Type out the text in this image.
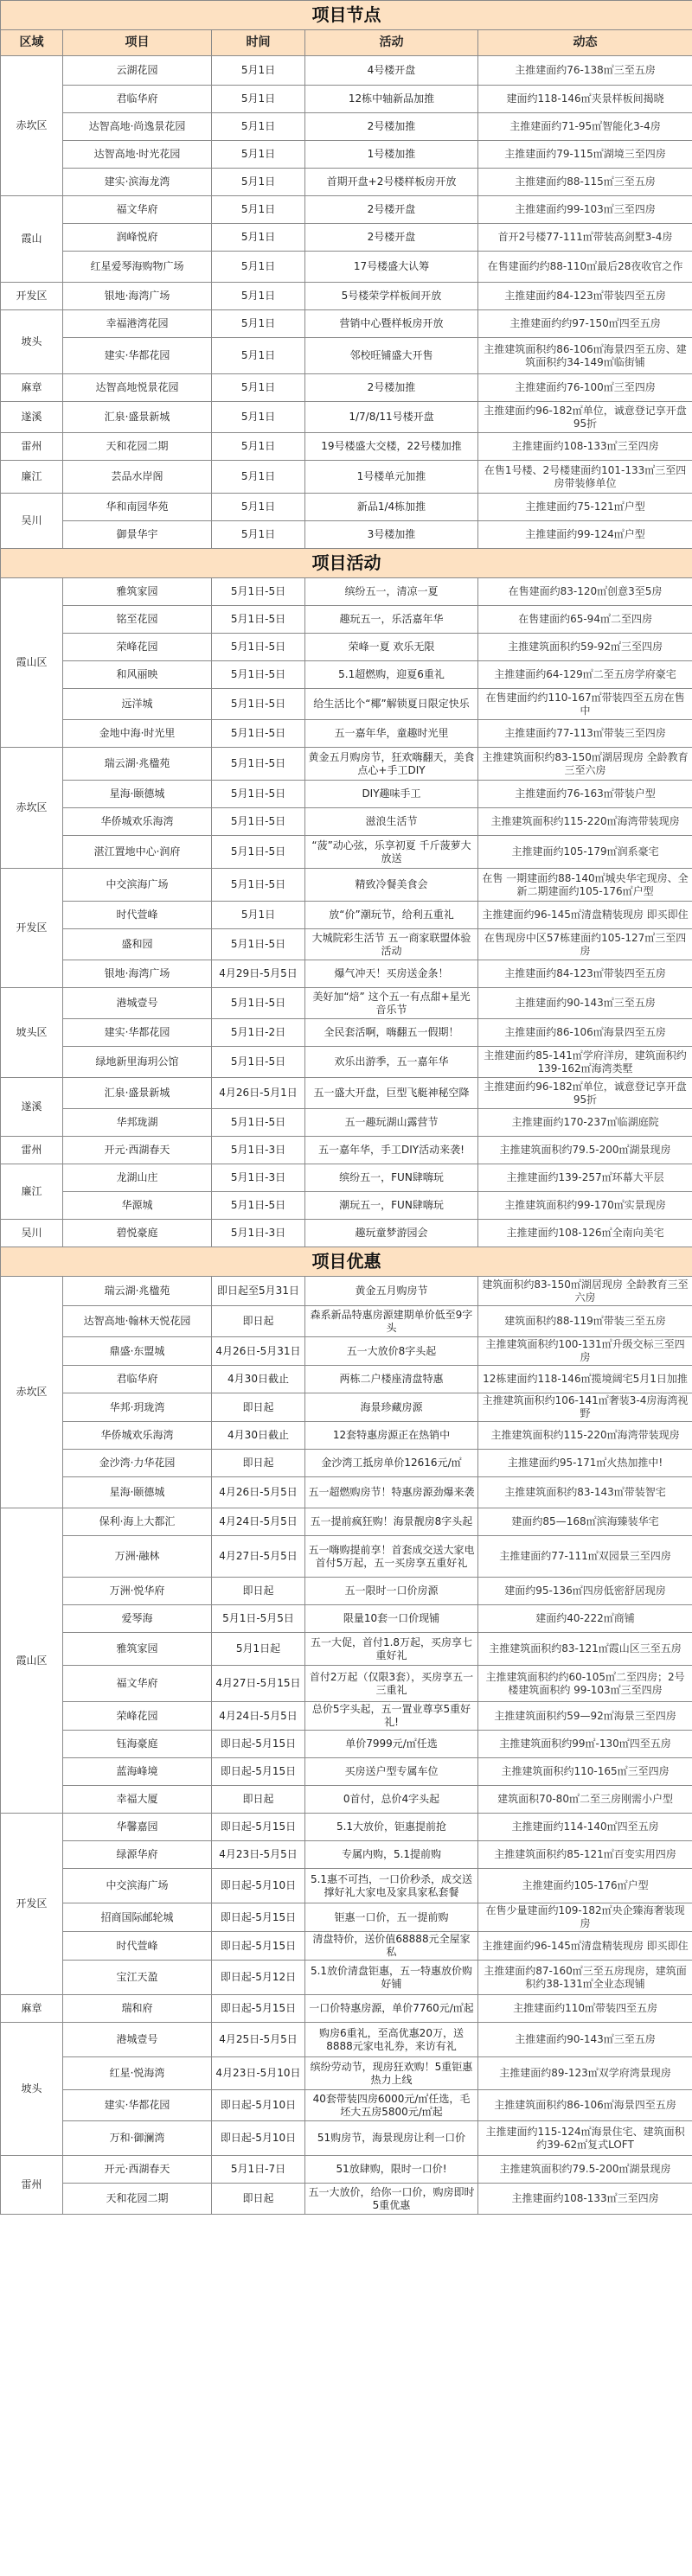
项目节点				
区域	项目	时间	活动	动态
赤坎区	云湖花园	5月1日	4号楼开盘	主推建面约76-138㎡三至五房
	君临华府	5月1日	12栋中轴新品加推	建面约118-146㎡夹景样板间揭晓
	达智高地·尚逸景花园	5月1日	2号楼加推	主推建面约71-95㎡智能化3-4房
	达智高地·时光花园	5月1日	1号楼加推	主推建面约79-115㎡湖境三至四房
	建实·滨海龙湾	5月1日	首期开盘+2号楼样板房开放	主推建面约88-115㎡三至五房
霞山	福文华府	5月1日	2号楼开盘	主推建面约99-103㎡三至四房
	润峰悦府	5月1日	2号楼开盘	首开2号楼77-111㎡带装高剑墅3-4房
	红星爱琴海购物广场	5月1日	17号楼盛大认筹	在售建面约约88-110㎡最后28夜收官之作
开发区	银地·海湾广场	5月1日	5号楼荣学样板间开放	主推建面约84-123㎡带装四至五房
坡头	幸福港湾花园	5月1日	营销中心暨样板房开放	主推建面约约97-150㎡四至五房
	建实·华都花园	5月1日	邻校旺铺盛大开售	主推建筑面积约86-106㎡海景四至五房、建筑面积约34-149㎡临街铺
麻章	达智高地悦景花园	5月1日	2号楼加推	主推建面约76-100㎡三至四房
遂溪	汇泉·盛景新城	5月1日	1/7/8/11号楼开盘	主推建面约96-182㎡单位，诚意登记享开盘95折
雷州	天和花园二期	5月1日	19号楼盛大交楼，22号楼加推	主推建面约108-133㎡三至四房
廉江	芸品水岸阁	5月1日	1号楼单元加推	在售1号楼、2号楼建面约101-133㎡三至四房带装修单位
吴川	华和南园华苑	5月1日	新品1/4栋加推	主推建面约75-121㎡户型
	御景华宇	5月1日	3号楼加推	主推建面约99-124㎡户型
项目活动				
霞山区	雅筑家园	5月1日-5日	缤纷五一，清凉一夏	在售建面约83-120㎡创意3至5房
	铭至花园	5月1日-5日	趣玩五一，乐活嘉年华	在售建面约65-94㎡二至四房
	荣峰花园	5月1日-5日	荣峰一夏 欢乐无限	主推建筑面积约59-92㎡三至四房
	和风丽映	5月1日-5日	5.1超燃购，迎夏6重礼	主推建面约64-129㎡二至五房学府豪宅
	远洋城	5月1日-5日	给生活比个“椰”解锁夏日限定快乐	在售建面约约110-167㎡带装四至五房在售中
	金地中海·时光里	5月1日-5日	五一嘉年华，童趣时光里	主推建面约77-113㎡带装三至四房
赤坎区	瑞云湖·兆楹苑	5月1日-5日	黄金五月购房节，狂欢嗨翻天，美食点心+手工DIY	主推建筑面积约83-150㎡湖居现房 全龄教育三至六房
	星海·颐德城	5月1日-5日	DIY趣味手工	主推建面约76-163㎡带装户型
	华侨城欢乐海湾	5月1日-5日	滋浪生活节	主推建筑面积约115-220㎡海湾带装现房
	湛江置地中心·润府	5月1日-5日	“菠”动心弦，乐享初夏 千斤菠萝大放送	主推建面约105-179㎡润系豪宅
开发区	中交滨海广场	5月1日-5日	精致冷餐美食会	在售 一期建面约88-140㎡城央华宅现房、全新二期建面约105-176㎡户型
	时代萱峰	5月1日	放“价”潮玩节，给利五重礼	主推建面约96-145㎡清盘精装现房 即买即住
	盛和园	5月1日-5日	大城院彩生活节 五一商家联盟体验活动	在售现房中区57栋建面约105-127㎡三至四房
	银地·海湾广场	4月29日-5月5日	爆气冲天！买房送金条！	主推建面约84-123㎡带装四至五房
坡头区	港城壹号	5月1日-5日	美好加“焙” 这个五一有点甜+星光音乐节	主推建面约90-143㎡三至五房
	建实·华都花园	5月1日-2日	全民套活啊，嗨翻五一假期！	主推建面约86-106㎡海景四至五房
	绿地新里海玥公馆	5月1日-5日	欢乐出游季，五一嘉年华	主推建面约85-141㎡学府洋房，建筑面积约139-162㎡海湾类墅
遂溪	汇泉·盛景新城	4月26日-5月1日	五一盛大开盘，巨型飞艇神秘空降	主推建面约96-182㎡单位，诚意登记享开盘95折
	华邦珑湖	5月1日-5日	五一趣玩湖山露营节	主推建面约170-237㎡临湖庭院
雷州	开元·西湖春天	5月1日-3日	五一嘉年华，手工DIY活动来袭!	主推建筑面积约79.5-200㎡湖景现房
廉江	龙湖山庄	5月1日-3日	缤纷五一，FUN肆嗨玩	主推建面约139-257㎡环幕大平层
	华源城	5月1日-5日	潮玩五一，FUN肆嗨玩	主推建筑面积约99-170㎡实景现房
吴川	碧悦豪庭	5月1日-3日	趣玩童梦游园会	主推建面约108-126㎡全南向美宅
项目优惠				
赤坎区	瑞云湖·兆楹苑	即日起至5月31日	黄金五月购房节	建筑面积约83-150㎡湖居现房 全龄教育三至六房
	达智高地·翰林天悦花园	即日起	森系新品特惠房源建期单价低至9字头	建筑面积约88-119㎡带装三至五房
	鼎盛·东盟城	4月26日-5月31日	五一大放价8字头起	主推建筑面积约100-131㎡升级交标三至四房
	君临华府	4月30日截止	两栋二户楼座清盘特惠	12栋建面约118-146㎡揽境阔宅5月1日加推
	华邦·玥珑湾	即日起	海景珍藏房源	主推建筑面积约106-141㎡奢装3-4房海湾视野
	华侨城欢乐海湾	4月30日截止	12套特惠房源正在热销中	主推建筑面积约115-220㎡海湾带装现房
	金沙湾·力华花园	即日起	金沙湾工抵房单价12616元/㎡	主推建面约95-171㎡火热加推中!
	星海·颐德城	4月26日-5月5日	五一超燃购房节！特惠房源劲爆来袭	主推建筑面积约83-143㎡带装智宅
霞山区	保利·海上大都汇	4月24日-5月5日	五一提前疯狂购！海景靓房8字头起	建面约85—168㎡滨海臻装华宅
	万洲·融林	4月27日-5月5日	五一嗨购提前享！首套成交送大家电首付5万起，五一买房享五重好礼	主推建面约77-111㎡双园景三至四房
	万洲·悦华府	即日起	五一限时一口价房源	建面约95-136㎡四房低密舒居现房
	爱琴海	5月1日-5月5日	限量10套一口价现铺	建面约40-222㎡商铺
	雅筑家园	5月1日起	五一大促，首付1.8万起，买房享七重好礼	主推建筑面积约83-121㎡霞山区三至五房
	福文华府	4月27日-5月15日	首付2万起（仅限3套），买房享五一三重礼	主推建筑面积约约60-105㎡二至四房；2号楼建筑面积约 99-103㎡三至四房
	荣峰花园	4月24日-5月5日	总价5字头起，五一置业尊享5重好礼!	主推建筑面积约59—92㎡海景三至四房
	钰海豪庭	即日起-5月15日	单价7999元/㎡任选	主推建筑面积约99㎡-130㎡四至五房
	蓝海峰境	即日起-5月15日	买房送户型专属车位	主推建筑面积约110-165㎡三至四房
	幸福大厦	即日起	0首付，总价4字头起	建筑面积70-80㎡二至三房刚需小户型
开发区	华馨嘉园	即日起-5月15日	5.1大放价，钜惠提前抢	主推建面约114-140㎡四至五房
	绿源华府	4月23日-5月5日	专属内购，5.1提前购	主推建筑面积约85-121㎡百变实用四房
	中交滨海广场	即日起-5月10日	5.1惠不可挡，一口价秒杀，成交送撑好礼大家电及家具家私套餐	主推建面约105-176㎡户型
	招商国际邮轮城	即日起-5月15日	钜惠一口价，五一提前购	在售少量建面约109-182㎡央企臻海奢装现房
	时代萱峰	即日起-5月15日	清盘特价，送价值68888元全屋家私	主推建面约96-145㎡清盘精装现房 即买即住
	宝江天盈	即日起-5月12日	5.1放价清盘钜惠，五一特惠放价购好铺	主推建面约87-160㎡三至五房现房，建筑面积约38-131㎡全业态现铺
麻章	瑞和府	即日起-5月15日	一口价特惠房源，单价7760元/㎡起	主推建面约110㎡带装四至五房
坡头	港城壹号	4月25日-5月5日	购房6重礼，至高优惠20万，送8888元家电礼券，来访有礼	主推建面约90-143㎡三至五房
	红星·悦海湾	4月23日-5月10日	缤纷劳动节，现房狂欢购！5重钜惠热力上线	主推建面约89-123㎡双学府湾景现房
	建实·华都花园	即日起-5月10日	40套带装四房6000元/㎡任选，毛坯大五房5800元/㎡起	主推建筑面积约86-106㎡海景四至五房
	万和·御澜湾	即日起-5月10日	51购房节，海景现房让利一口价	主推建面约115-124㎡海景住宅、建筑面积约39-62㎡复式LOFT
雷州	开元·西湖春天	5月1日-7日	51放肆购，限时一口价!	主推建筑面积约79.5-200㎡湖景现房
	天和花园二期	即日起	五一大放价，给你一口价，购房即时5重优惠	主推建面约108-133㎡三至四房
